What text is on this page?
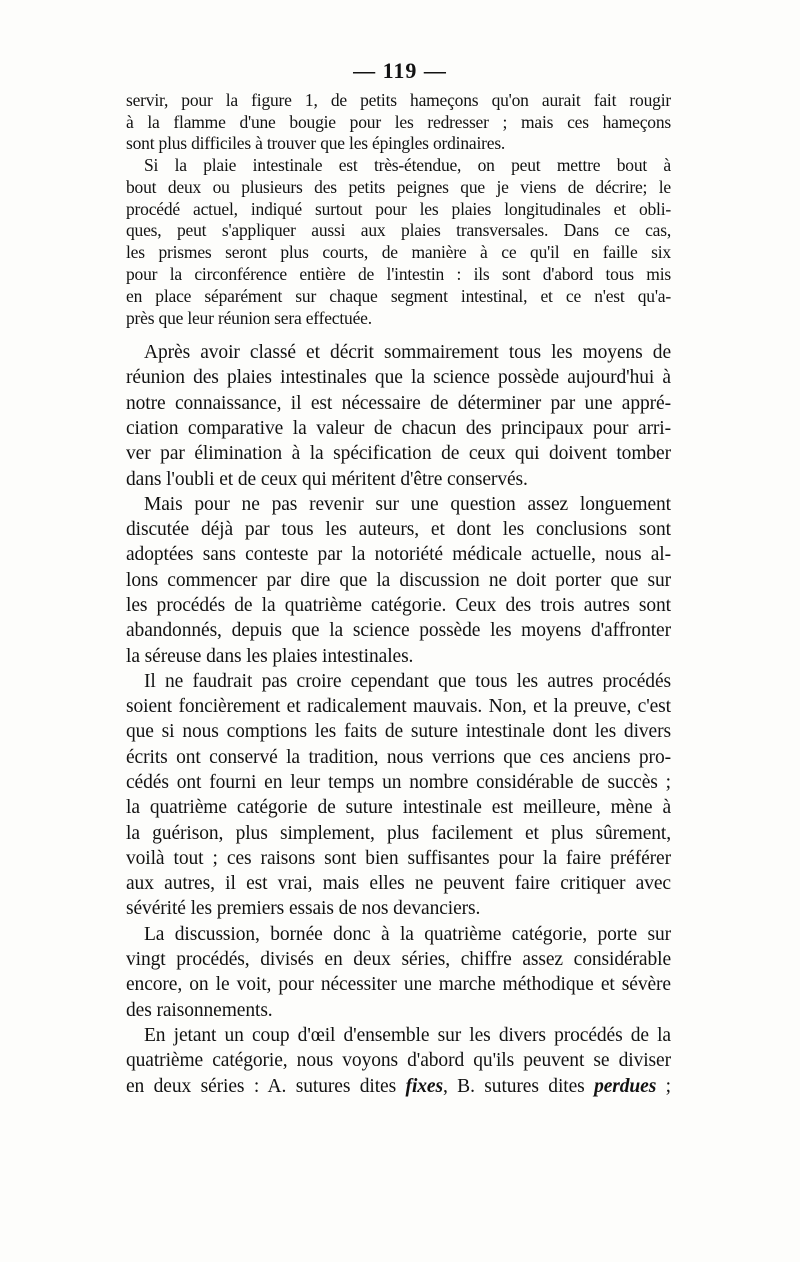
— 119 —
servir, pour la figure 1, de petits hameçons qu'on aurait fait rougir
à la flamme d'une bougie pour les redresser ; mais ces hameçons
sont plus difficiles à trouver que les épingles ordinaires.
Si la plaie intestinale est très-étendue, on peut mettre bout à
bout deux ou plusieurs des petits peignes que je viens de décrire; le
procédé actuel, indiqué surtout pour les plaies longitudinales et obli-
ques, peut s'appliquer aussi aux plaies transversales. Dans ce cas,
les prismes seront plus courts, de manière à ce qu'il en faille six
pour la circonférence entière de l'intestin : ils sont d'abord tous mis
en place séparément sur chaque segment intestinal, et ce n'est qu'a-
près que leur réunion sera effectuée.
Après avoir classé et décrit sommairement tous les moyens de
réunion des plaies intestinales que la science possède aujourd'hui à
notre connaissance, il est nécessaire de déterminer par une appré-
ciation comparative la valeur de chacun des principaux pour arri-
ver par élimination à la spécification de ceux qui doivent tomber
dans l'oubli et de ceux qui méritent d'être conservés.
Mais pour ne pas revenir sur une question assez longuement
discutée déjà par tous les auteurs, et dont les conclusions sont
adoptées sans conteste par la notoriété médicale actuelle, nous al-
lons commencer par dire que la discussion ne doit porter que sur
les procédés de la quatrième catégorie. Ceux des trois autres sont
abandonnés, depuis que la science possède les moyens d'affronter
la séreuse dans les plaies intestinales.
Il ne faudrait pas croire cependant que tous les autres procédés
soient foncièrement et radicalement mauvais. Non, et la preuve, c'est
que si nous comptions les faits de suture intestinale dont les divers
écrits ont conservé la tradition, nous verrions que ces anciens pro-
cédés ont fourni en leur temps un nombre considérable de succès ;
la quatrième catégorie de suture intestinale est meilleure, mène à
la guérison, plus simplement, plus facilement et plus sûrement,
voilà tout ; ces raisons sont bien suffisantes pour la faire préférer
aux autres, il est vrai, mais elles ne peuvent faire critiquer avec
sévérité les premiers essais de nos devanciers.
La discussion, bornée donc à la quatrième catégorie, porte sur
vingt procédés, divisés en deux séries, chiffre assez considérable
encore, on le voit, pour nécessiter une marche méthodique et sévère
des raisonnements.
En jetant un coup d'œil d'ensemble sur les divers procédés de la
quatrième catégorie, nous voyons d'abord qu'ils peuvent se diviser
en deux séries : A. sutures dites fixes, B. sutures dites perdues ;
